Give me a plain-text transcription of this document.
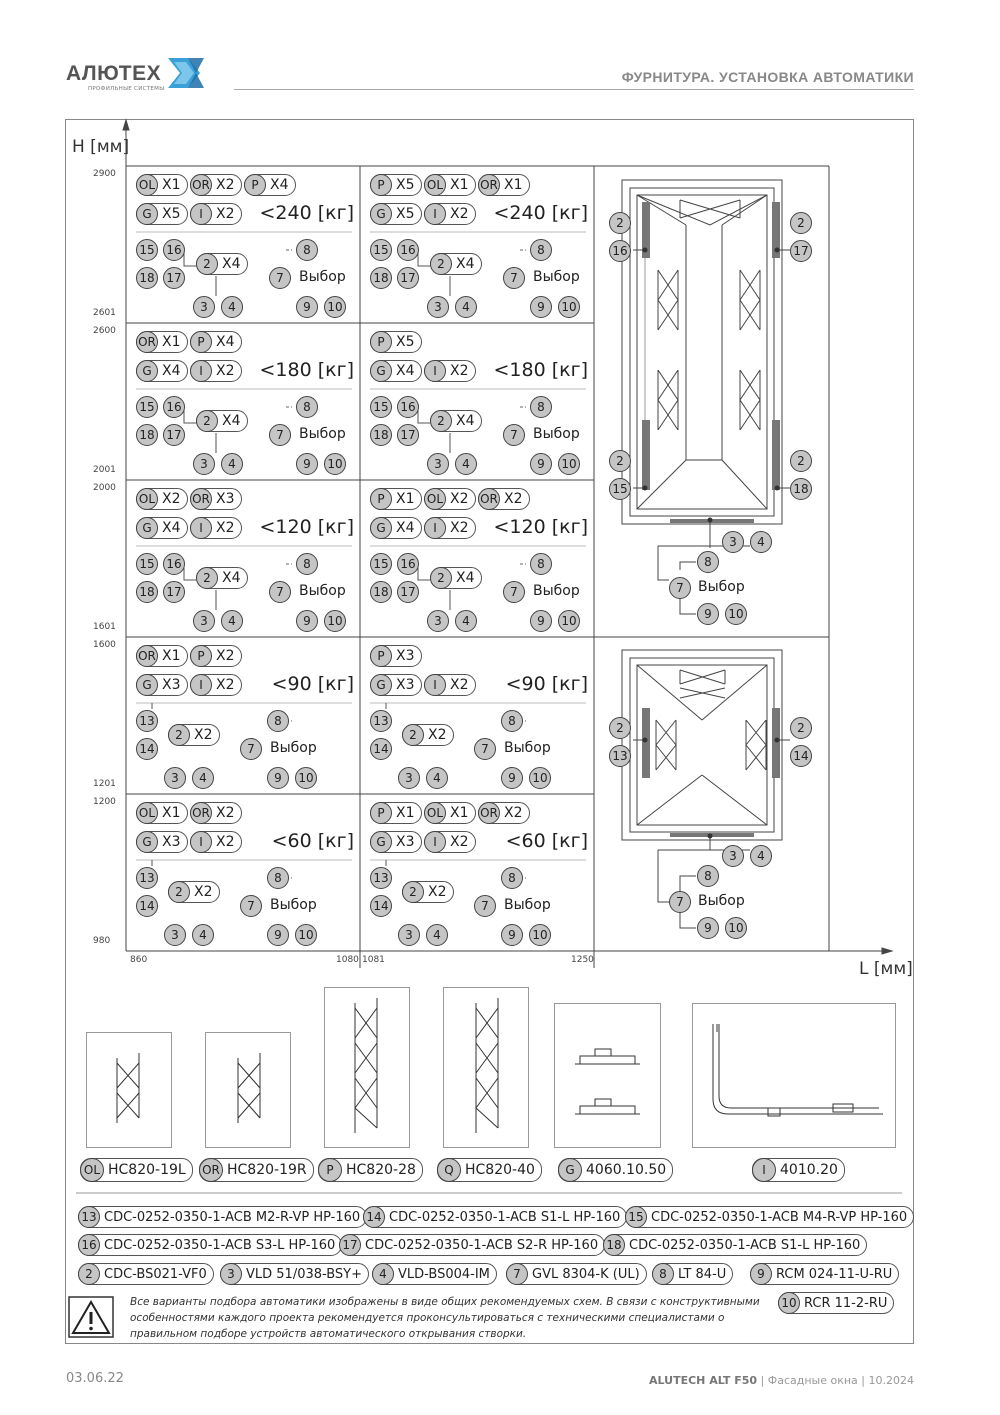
АЛЮТЕХ
ПРОФИЛЬНЫЕ СИСТЕМЫ
ФУРНИТУРА. УСТАНОВКА АВТОМАТИКИ
H [мм]
L [мм]
2900
2601
2600
2001
2000
1601
1600
1201
1200
980
860	1080 1081	1250
OL X1 OR X2	P X4
G X5	I X2 <240 [кг]
15 16
18 17
3	4
2 X4
8
7
9	10
Выбор
P X5 OL X1 OR X1
G X5	I X2 <240 [кг]
15 16
18 17
3	4
2 X4
8
7
9	10
Выбор
OR X1	P X4
G X4	I X2 <180 [кг]
15 16
18 17
3	4
2 X4
8
7
9	10
Выбор
P X5
G X4	I X2 <180 [кг]
15 16
18 17
3	4
2 X4
8
7
9	10
Выбор
OL X2 OR X3
G X4	I X2 <120 [кг]
15 16
18 17
3	4
2 X4
8
7
9	10
Выбор
P X1 OL X2 OR X2
G X4	I X2 <120 [кг]
15 16
18 17
3	4
2 X4
8
7
9	10
Выбор
OR X1	P X2
G X3	I X2 <90 [кг]
13
14
3	4
2 X2
8
7
9	10
Выбор
P X3
G X3	I X2 <90 [кг]
13
14
3	4
2 X2
8
7
9	10
Выбор
OL X1 OR X2
G X3	I X2 <60 [кг]
13
14
3	4
2 X2
8
7
9	10
Выбор
P X1 OL X1 OR X2
G X3	I X2 <60 [кг]
13
14
3	4
2 X2
8
7
9	10
Выбор
2
16
2
17
2
15
2
18
3	4
8
7	Выбор
9	10
2
13
2
14
3	4
8
7	Выбор
9	10
OL HC820-19L OR HC820-19R	P HC820-28	Q HC820-40	G 4060.10.50	I	4010.20
13 CDC-0252-0350-1-ACB M2-R-VP HP-160 14 CDC-0252-0350-1-ACB S1-L HP-160 15 CDC-0252-0350-1-ACB M4-R-VP HP-160
16 CDC-0252-0350-1-ACB S3-L HP-160 17 CDC-0252-0350-1-ACB S2-R HP-160 18 CDC-0252-0350-1-ACB S1-L HP-160
2 CDC-BS021-VF0	3 VLD 51/038-BSY+	4 VLD-BS004-IM	7 GVL 8304-K (UL)	8 LT 84-U	9 RCM 024-11-U-RU
10 RCR 11-2-RU
Все варианты подбора автоматики изображены в виде общих рекомендуемых схем. В связи с конструктивными особенностями каждого проекта рекомендуется проконсультироваться с техническими специалистами о правильном подборе устройств автоматического открывания створки.
03.06.22	ALUTECH ALT F50 | Фасадные окна | 10.2024
